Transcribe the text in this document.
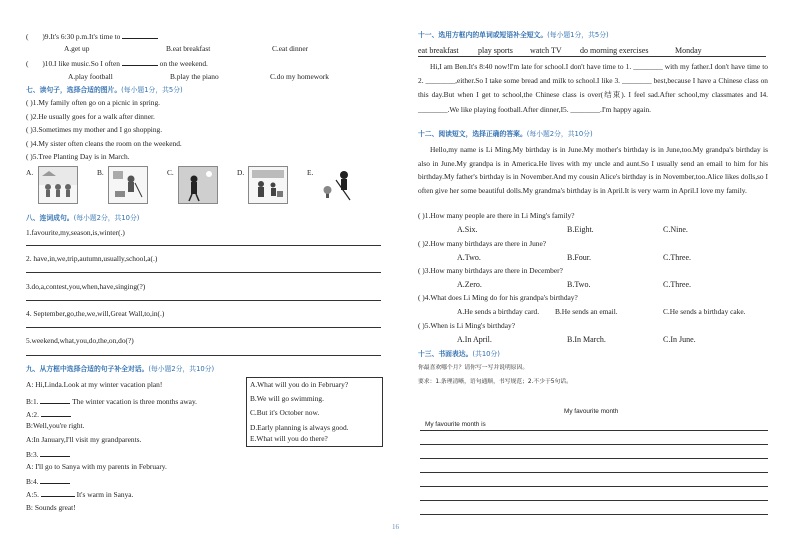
( )9.It's 6:30 p.m.It's time to
A.get up	B.eat breakfast	C.eat dinner
( )10.I like music.So I often	on the weekend.
A.play football	B.play the piano	C.do my homework
七、读句子，选择合适的图片。(每小题1分，共5分)
( )1.My family often go on a picnic in spring.
( )2.He usually goes for a walk after dinner.
( )3.Sometimes my mother and I go shopping.
( )4.My sister often cleans the room on the weekend.
( )5.Tree Planting Day is in March.
A.	B.	C.	D.	E.
八、连词成句。(每小题2分，共10分)
1.favourite,my,season,is,winter(.)
2. have,in,we,trip,autumn,usually,school,a(.)
3.do,a,contest,you,when,have,singing(?)
4. September,go,the,we,will,Great Wall,to,in(.)
5.weekend,what,you,do,the,on,do(?)
九、从方框中选择合适的句子补全对话。(每小题2分，共10分)
A: Hi,Linda.Look at my winter vacation plan!
B:1.	The winter vacation is three months away.
A:2.
B:Well,you're right.
A:In January,I'll visit my grandparents.
B:3.
A: I'll go to Sanya with my parents in February.
B:4.
A:5.	It's warm in Sanya.
B: Sounds great!
A.What will you do in February?
B.We will go swimming.
C.But it's October now.
D.Early planning is always good.
E.What will you do there?
十一、选用方框内的单词或短语补全短文。(每小题1分，共5分)
eat breakfast play sports watch TV do morning exercises	Monday
Hi,I am Ben.It's 8:40 now!I'm late for school.I don't have time to 1. ________ with my father.I don't have time to 2. ________,either.So I take some bread and milk to school.I like 3. ________ best,because I have a Chinese class on this day.But when I get to school,the Chinese class is over(结束). I feel sad.After school,my classmates and I4. ________.We like playing football.After dinner,I5. ________.I'm happy again.
十二、阅读短文，选择正确的答案。(每小题2分，共10分)
Hello,my name is Li Ming.My birthday is in June.My mother's birthday is in June,too.My grandpa's birthday is also in June.My grandpa is in America.He lives with my uncle and aunt.So I usually send an email to him for his birthday.My father's birthday is in November.And my cousin Alice's birthday is in November,too.Alice likes dolls,so I often give her some beautiful dolls.My grandma's birthday is in April.It is very warm in April.I love my family.
( )1.How many people are there in Li Ming's family?
A.Six.	B.Eight.	C.Nine.
( )2.How many birthdays are there in June?
A.Two.	B.Four.	C.Three.
( )3.How many birthdays are there in December?
A.Zero.	B.Two.	C.Three.
( )4.What does Li Ming do for his grandpa's birthday?
A.He sends a birthday card. B.He sends an email.	C.He sends a birthday cake.
( )5.When is Li Ming's birthday?
A.In April.	B.In March.	C.In June.
十三、书面表达。(共10分)
你最喜欢哪个月？请你写一写并说明原因。
要求：1.条理清晰，语句通顺，书写规范；2.不少于5句话。
My favourite month
My favourite month is
16
